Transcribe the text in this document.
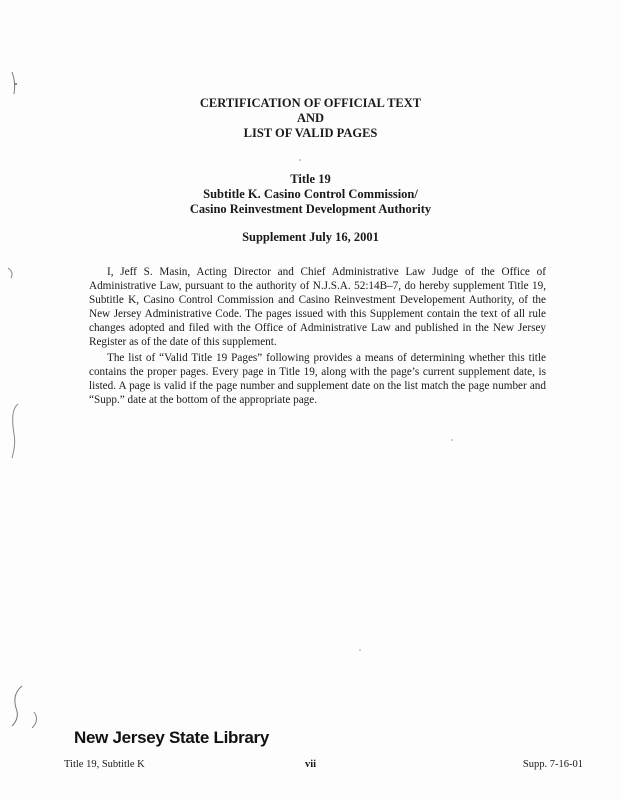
CERTIFICATION OF OFFICIAL TEXT
AND
LIST OF VALID PAGES
Title 19
Subtitle K. Casino Control Commission/
Casino Reinvestment Development Authority
Supplement July 16, 2001
I, Jeff S. Masin, Acting Director and Chief Administrative Law Judge of the Office of Administrative Law, pursuant to the authority of N.J.S.A. 52:14B–7, do hereby supplement Title 19, Subtitle K, Casino Control Commission and Casino Reinvestment Developement Authority, of the New Jersey Administrative Code. The pages issued with this Supplement contain the text of all rule changes adopted and filed with the Office of Administrative Law and published in the New Jersey Register as of the date of this supplement.
The list of “Valid Title 19 Pages” following provides a means of determining whether this title contains the proper pages. Every page in Title 19, along with the page’s current supplement date, is listed. A page is valid if the page number and supplement date on the list match the page number and “Supp.” date at the bottom of the appropriate page.
New Jersey State Library
Title 19, Subtitle K	vii	Supp. 7-16-01
